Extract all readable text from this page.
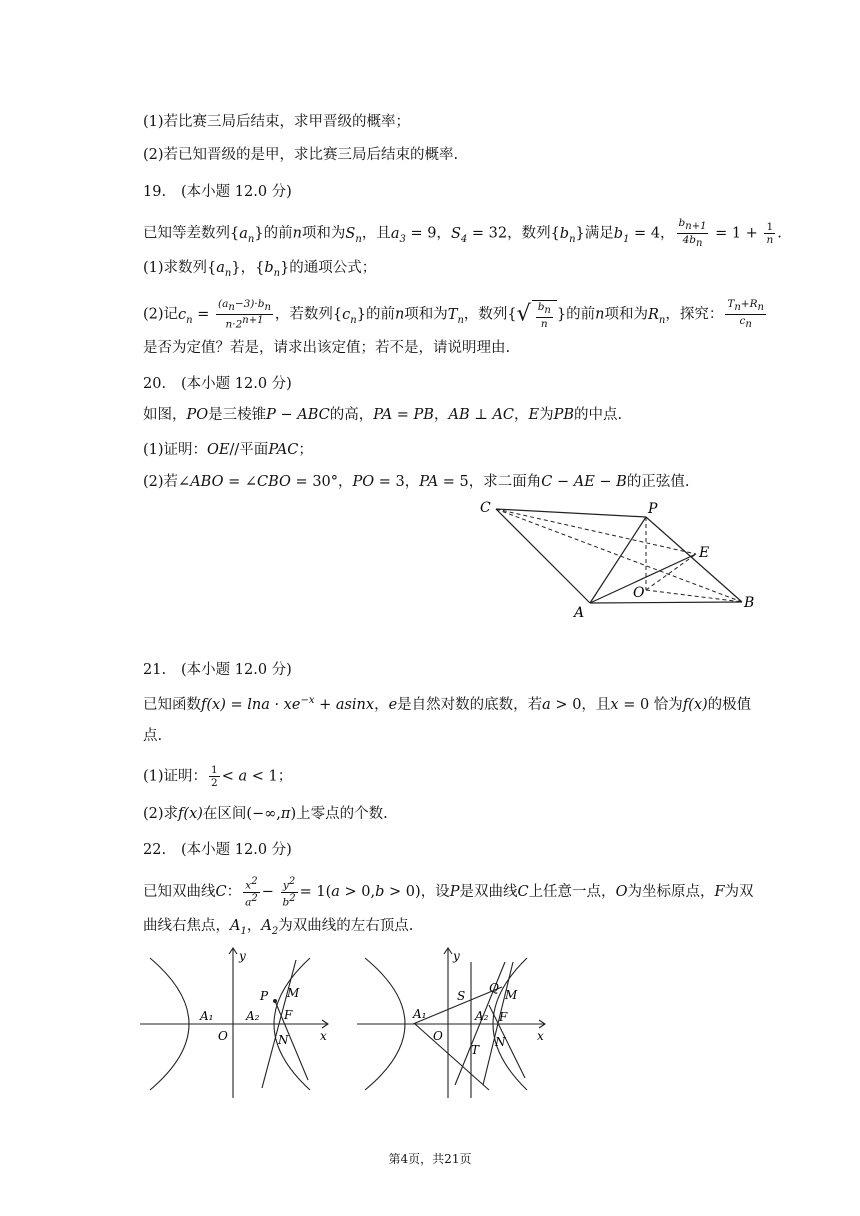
(1)若比赛三局后结束，求甲晋级的概率；
(2)若已知晋级的是甲，求比赛三局后结束的概率.
19. (本小题 12.0 分)
已知等差数列$\{a_n\}$的前n项和为$S_n$，且$a_3 = 9$，$S_4 = 32$，数列$\{b_n\}$满足$b_1 = 4$， $\frac{b_{n+1}}{4b_n} = 1 + \frac{1}{n}$ .
(1)求数列$\{a_n\}$，$\{b_n\}$的通项公式；
(2)记$c_n = \frac{(a_n-3)\cdot b_n}{n\cdot 2^{n+1}}$ ，若数列$\{c_n\}$的前n项和为$T_n$，数列{√ $\frac{b_n}{n}$ }的前n项和为$R_n$，探究： $\frac{T_n+R_n}{c_n}$
是否为定值？若是，请求出该定值；若不是，请说明理由.
20. (本小题 12.0 分)
如图，PO是三棱锥P − ABC的高，PA = PB，AB ⊥ AC，E为PB的中点.
(1)证明：OE//平面PAC；
(2)若∠ABO = ∠CBO = 30°，PO = 3，PA = 5，求二面角C − AE − B的正弦值.
C	P
E
O
A
B
21. (本小题 12.0 分)
已知函数$f(x) = \ln a \cdot xe^{-x} + asinx$，e是自然对数的底数，若a > 0，且x = 0 恰为f(x)的极值
点.
(1)证明： $\frac{1}{2} < a < 1$；
(2)求f(x)在区间(−∞,π)上零点的个数.
22. (本小题 12.0 分)
已知双曲线C： $\frac{x^2}{a^2} - \frac{y^2}{b^2} = 1(a > 0,b > 0)$，设P是双曲线C上任意一点，O为坐标原点，F为双
曲线右焦点，$A_1$，$A_2$为双曲线的左右顶点.
y
x
O
A₁	A₂
P M
F
N
y
x
O
A₁	A₂
S
Q M
F
T
N
第4页，共21页
